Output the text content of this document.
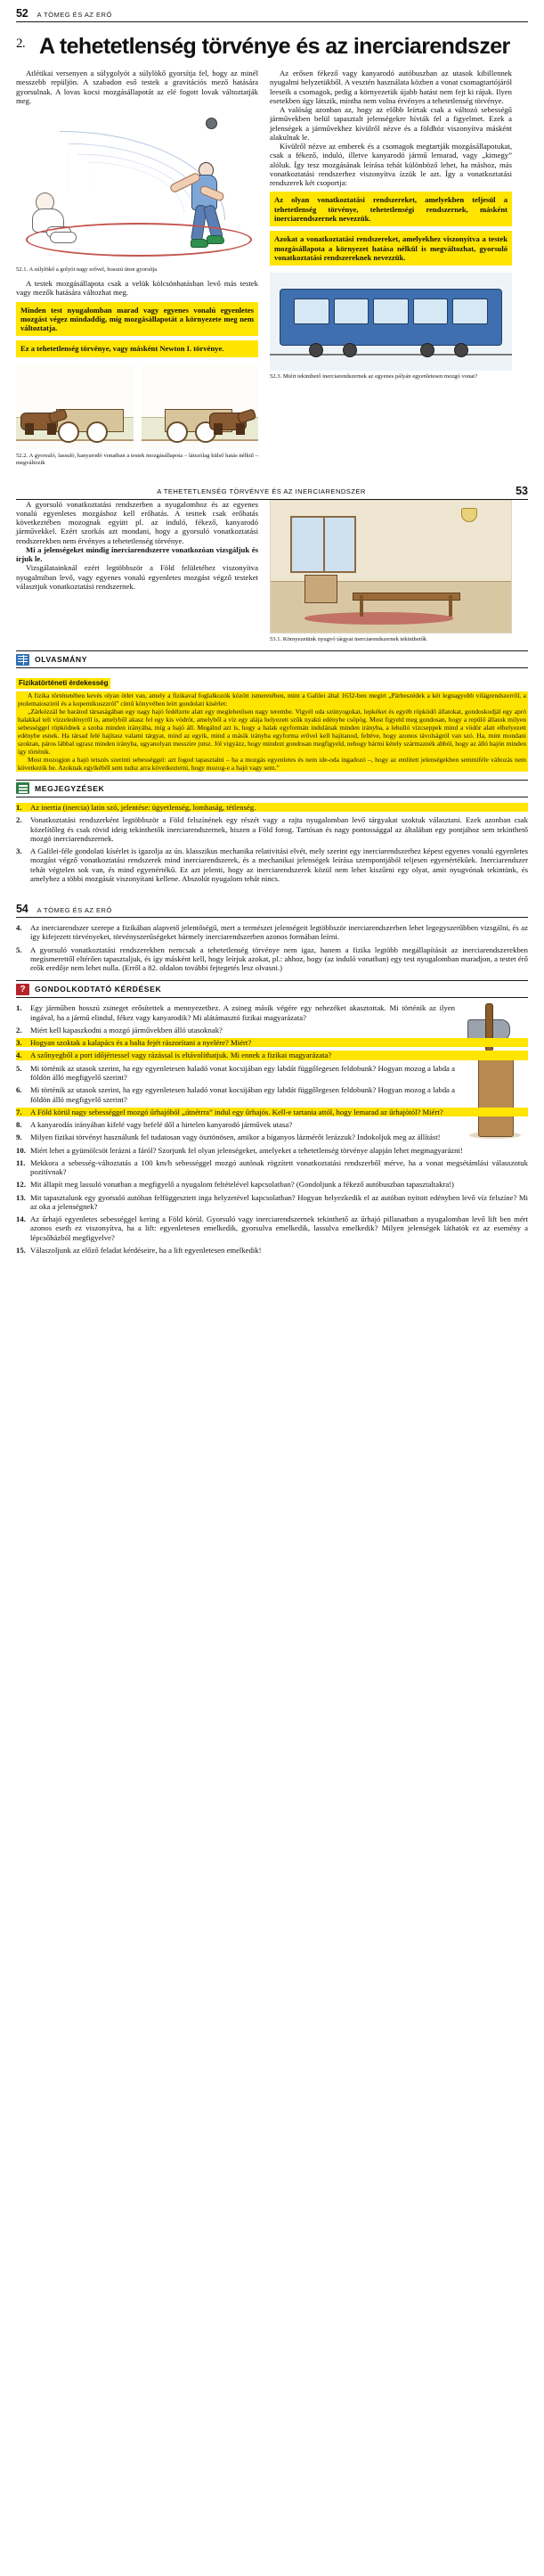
52 A TÖMEG ÉS AZ ERŐ
2. A tehetetlenség törvénye és az inerciarendszer

Atlétikai versenyen a súlygolyót a súlylökő gyorsítja fel, hogy az minél messzebb repüljön. A szabadon eső testek a gravitációs mező hatására gyorsulnak. A lovas kocsi mozgásállapotát az elé fogott lovak változtatják meg.

52.1. A súlylökő a golyót nagy erővel, hosszú úton gyorsítja

A testek mozgásállapota csak a velük kölcsönhatásban levő más testek vagy mezők hatására változhat meg.

Minden test nyugalomban marad vagy egyenes vonalú egyenletes mozgást végez mindaddig, míg mozgásállapotát a környezete meg nem változtatja.
Ez a tehetetlenség törvénye, vagy másként Newton I. törvénye.
52.2. A gyorsuló, lassuló, kanyarodó vonatban a testek mozgásállapota – látszólag külső hatás nélkül – megváltozik

Az erősen fékező vagy kanyarodó autóbuszban az utasok kibillennek nyugalmi helyzetükből. A vesztén használata közben a vonat csomagtartójáról leeseik a csomagok, pedig a környezetük újabb hatást nem fejt ki rájuk. Ilyen esetekben úgy látszik, mintha nem volna érvényes a tehetetlenség törvénye.

A valóság azonban az, hogy az előbb leírtak csak a változó sebességű járművekben belül tapasztalt jelenségekre hívták fel a figyelmet. Ezek a jelenségek a járművekhez kívülről nézve és a földhöz viszonyítva másként alakulnak le.

Kívülről nézve az emberek és a csomagok megtartják mozgásállapotukat, csak a fékező, induló, illetve kanyarodó jármű lemarad, vagy „kimegy” alóluk. Így tesz mozgásának leírása tehát különböző lehet, ha máshoz, más vonatkoztatási rendszerhez viszonyítva ízzük le azt. Így a vonatkoztatási rendszerek két csoportja:

Az olyan vonatkoztatási rendszereket, amelyekben teljesül a tehetetlenség törvénye, tehetetlenségi rendszernek, másként inerciarendszernek nevezzük.
Azokat a vonatkoztatási rendszereket, amelyekhez viszonyítva a testek mozgásállapota a környezet hatása nélkül is megváltozhat, gyorsuló vonatkoztatási rendszereknek nevezzük.
52.3. Miért tekinthető inerciarendszernek az egyenes pályán egyenletesen mozgó vonat?
A TEHETETLENSÉG TÖRVÉNYE ÉS AZ INERCIARENDSZER	53

A gyorsuló vonatkoztatási rendszerben a nyugalomhoz és az egyenes vonalú egyenletes mozgáshoz kell erőhatás. A testtek csak erőhatás következtében mozognak együtt pl. az induló, fékező, kanyarodó járművekkel. Ezért szorkás azt mondani, hogy a gyorsuló vonatkoztatási rendszerekben nem érvényes a tehetetlenség törvénye.

Mi a jelenségeket mindig inerciarendszerre vonatkozóan vizsgáljuk és írjuk le.

Vizsgálatainknál ezért legtöbbször a Föld felületéhez viszonyítva nyugalmiban levő, vagy egyenes vonalú egyenletes mozgást végző testeket választjuk vonatkoztatási rendszernek.

53.1. Környezetünk nyugvó tárgyai inerciarendszernek tekinthetők
OLVASMÁNY
Fizikatörténeti érdekesség

A fizika történetében kevés olyan ötlet van, amely a fizikaval foglalkozók között ismeretében, mint a Galilei által 1632-ben megírt „Párbeszédek a két legnagyobb világrendszerről, a ptolemaiosziról és a kopernikuszzról” című könyvében leírt gondolati kísérlet:

„Zárkózzál be barátod társaságában egy nagy hajó fedélzete alatt egy meglehetősen nagy terembe. Vigyél oda szúnyogokat, lepkéket és egyéb röpködő állatokat, gondoskodjál egy apró halakkal teli vízzeledényről is, amelyből akasz fel egy kis vödröt, amelyből a víz egy alája helyezett szűk nyakú edénybe csöpög. Most figyeld meg gondosan, hogy a repülő állatok milyen sebességgel röpködnek a szoba minden irányába, míg a hajó áll. Megálnd azt is, hogy a halak egyformán indulának minden irányba, a lehulló vízcseppek mind a vödör alatt elhelyezett edénybe esnek. Ha társad felé hajítasz valami tárgyat, mind az egyik, mind a másik irányba egyforma erővel kell hajítanod, feltéve, hogy azonos távolságról van szó. Ha, mint mondani szoktan, páros lábbal ugrasz minden irányba, ugyanolyan messzire jutsz. Jól vigyázz, hogy mindezt gondosan megfigyeld, nehogy bármi kétely származnék abból, hogy az álló hajón minden így történik.

Most mozogjon a hajó tetszés szerinti sebességgel: azt fogod tapasztalni – ha a mozgás egyenletes és nem ide-oda ingadozó –, hogy az említett jelenségekben semmiféle változás nem következik be. Azoknak egyikéből sem tudsz arra következtetni, hogy mozog-e a hajó vagy sem.”

MEGJEGYZÉSEK
1. Az inertia (inercia) latin szó, jelentése: ügyetlenség, lomhaság, tétlenség.
2. Vonatkoztatási rendszerként legtöbbször a Föld felszínének egy részét vagy a rajta nyugalomban levő tárgyakat szoktuk választani. Ezek azonban csak közelítőleg és csak rövid ideig tekinthetők inerciarendszernek, hiszen a Föld forog. Tartósan és nagy pontossággal az általában egy pontjához sem tekinthető mozgó inerciarendszernek.
3. A Galilei-féle gondolati kísérlet is igazolja az ún. klasszikus mechanika relativitási elvét, mely szerint egy inerciarendszerhez képest egyenes vonalú egyenletes mozgást végző vonatkoztatási rendszerek mind inerciarendszerek, és a mechanikai jelenségek leírása szempontjából teljesen egyenértékűek. Inerciarendszer tehát végtelen sok van, és mind egyenértékű. Ez azt jelenti, hogy az inerciarendszerek közül nem lehet kiszűrni egy olyat, amit nyugvónak tekintünk, és amelyhez a többi mozgását viszonyítani kellene. Abszolút nyugalom tehát nincs.
54 A TÖMEG ÉS AZ ERŐ
4. Az inerciarendszer szerepe a fizikában alapvető jelentőségű, mert a természet jelenségeit legtöbbször inerciarendszerben lehet legegyszerűbben vizsgálni, és az így kifejezett törvényeket, törvényszerűségeket bármely inerciarendszerben azonos formában leírni.
5. A gyorsuló vonatkoztatási rendszerekben nemcsak a tehetetlenség törvénye nem igaz, hanem a fizika legtöbb megállapítását az inerciarendszerekben megismerettől eltérően tapasztaljuk, és így másként kell, hogy leírjuk azokat, pl.: ahhoz, hogy (az induló vonatban) egy test nyugalomban maradjon, a testet érő erők eredője nem lehet nulla. (Erről a 82. oldalon további fejtegetés lesz olvasni.)
?	GONDOLKODTATÓ KÉRDÉSEK
1. Egy járműben hosszú zsineget erősítettek a mennyezethez. A zsineg másik végére egy nehezéket akasztottak. Mi történik az ilyen ingával, ha a jármű elindul, fékez vagy kanyarodik? Mi alátámasztó fizikai magyarázata?
2. Miért kell kapaszkodni a mozgó járművekben álló utasoknak?
3. Hogyan szoktak a kalapács és a balta fejét rászorítani a nyelére? Miért?
4. A szőnyegből a port időjértessel vagy rázással is eltávolíthatjuk. Mi ennek a fizikai magyarázata?
5. Mi történik az utasok szerint, ha egy egyenletesen haladó vonat kocsijában egy labdát függőlegesen feldobunk? Hogyan mozog a labda a földön álló megfigyelő szerint?
6. Mi történik az utasok szerint, ha egy egyenletesen haladó vonat kocsijában egy labdát függőlegesen feldobunk? Hogyan mozog a labda a földön álló megfigyelő szerint?
7. A Föld körül nagy sebességgel mozgó űrhajóból „útnétrra” indul egy űrhajós. Kell-e tartania attól, hogy lemarad az űrhajótól? Miért?
8. A kanyarodás irányában kifelé vagy befelé dől a hirtelen kanyarodó járművek utasa?
9. Milyen fizikai törvényt használunk fel tudatosan vagy ösztönösen, amikor a bíganyos lázmérőt lerázzuk? Indokoljuk meg az állítást!
10. Miért lehet a gyümölcsöt lerázni a fáról? Szorjunk fel olyan jelenségeket, amelyeket a tehetetlenség törvénye alapján lehet megmagyarázni!
11. Mekkora a sebesség-változtatás a 100 km/h sebességgel mozgó autónak rögzített vonatkoztatási rendszerből mérve, ha a vonat megsétámlási válasszotuk pozitívnak?
12. Mit állapít meg lassuló vonatban a megfigyelő a nyugalom feltételével kapcsolatban? (Gondoljunk a fékező autóbuszban tapasztaltakra!)
13. Mit tapasztalunk egy gyorsuló autóban felfüggesztett inga helyzetével kapcsolatban? Hogyan helyezkedik el az autóban nyitott edényben levő víz felszíne? Mi az oka a jelenségnek?
14. Az űrhajó egyenletes sebességgel kering a Föld körül. Gyorsuló vagy inerciarendszernek tekinthető az űrhajó pillanatban a nyugalomban levő lift ben mért azonos eseth ez viszonyítva, ha a lift: egyenletesen emelkedik, gyorsulva emelkedik, lassulva emelkedik? Milyen jelenségek láthatók ez az esemény a lépcsőházból megfigyelve?
15. Válaszoljunk az előző feladat kérdéseire, ha a lift egyenletesen emelkedik!
